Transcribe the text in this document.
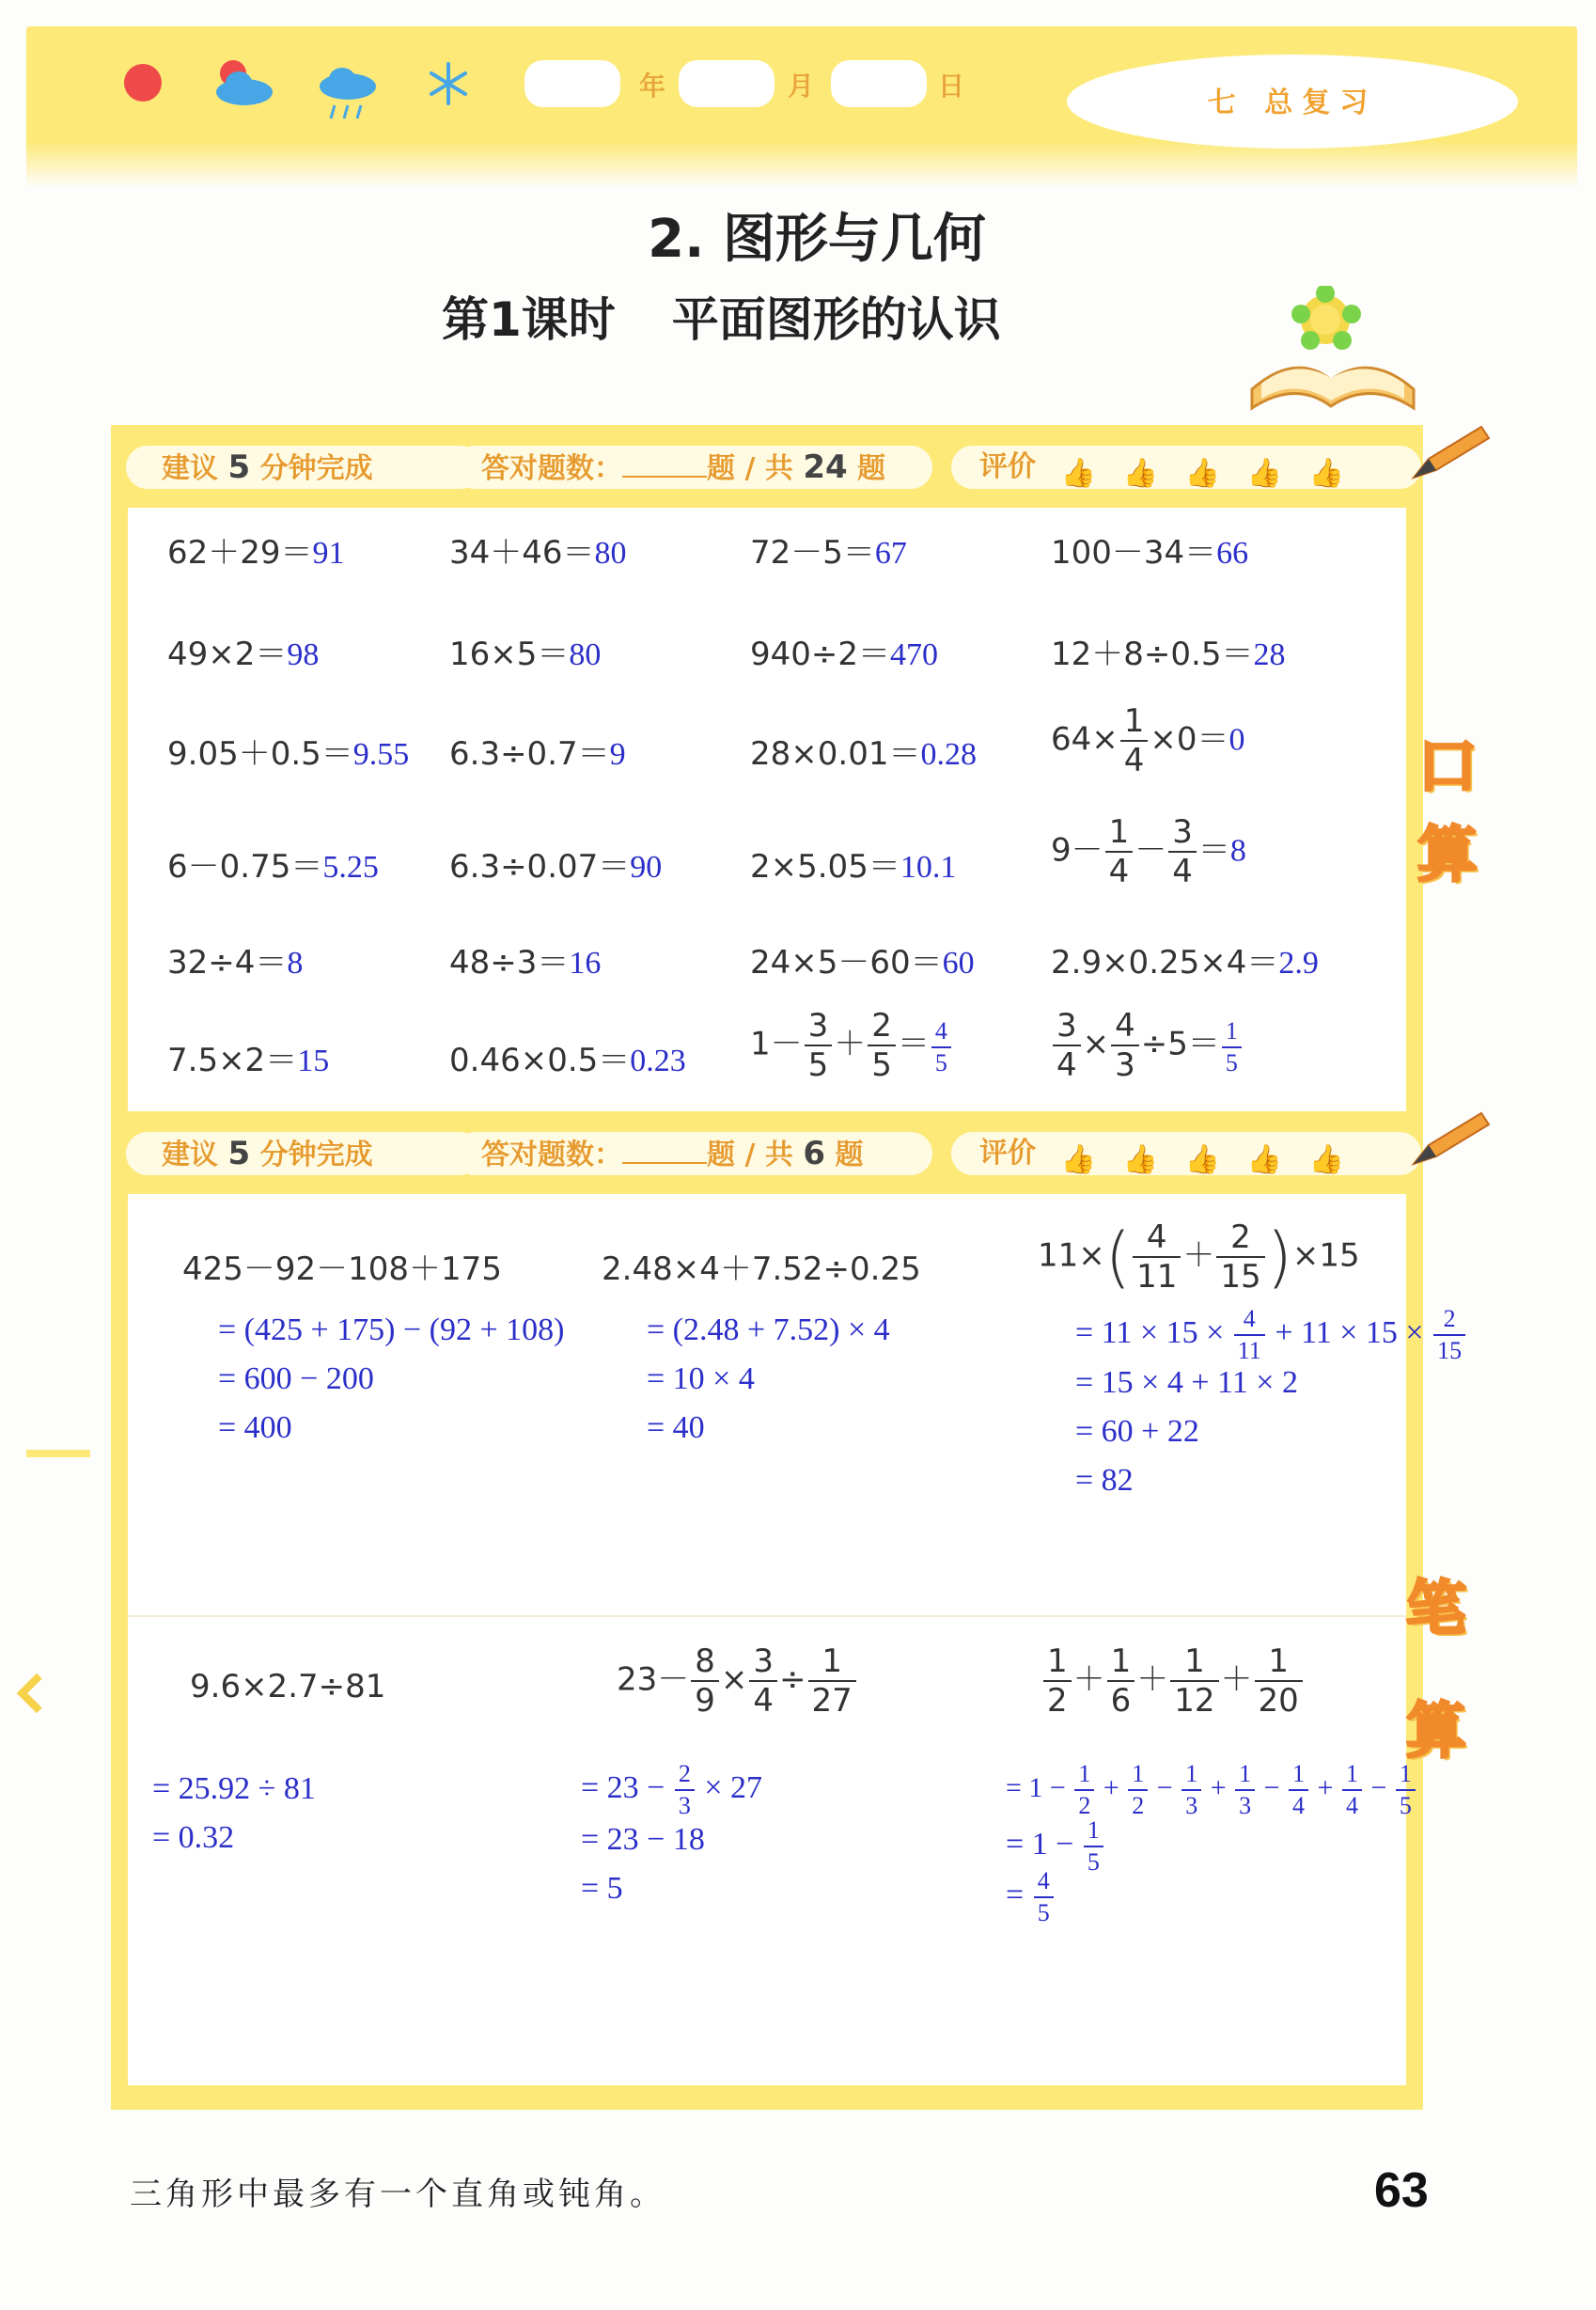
年	月	日
七 总复习
2. 图形与几何
第1课时 平面图形的认识
建议 5 分钟完成	答对题数：	题 / 共 24 题	评价 👍 👍 👍 👍 👍
62＋29＝91	34＋46＝80	72－5＝67	100－34＝66
49×2＝98	16×5＝80	940÷2＝470	12＋8÷0.5＝28
9.05＋0.5＝9.55 6.3÷0.7＝9	28×0.01＝0.28 $64\times \frac{1}{4} \times 0=0$
6－0.75＝5.25 6.3÷0.07＝90	2×5.05＝10.1	$9- \frac{1}{4} - \frac{3}{4} =8$
32÷4＝8	48÷3＝16	24×5－60＝60 2.9×0.25×4＝2.9
7.5×2＝15	0.46×0.5＝0.23 $1- \frac{3}{5} + \frac{2}{5} = \frac{4}{5}$	$\frac{3}{4} \times \frac{4}{3} \div 5= \frac{1}{5}$
口
算
建议 5 分钟完成	答对题数：	题 / 共 6 题	评价 👍 👍 👍 👍 👍
425－92－108＋175
= (425 + 175) − (92 + 108)
= 600 − 200
= 400
2.48×4＋7.52÷0.25
= (2.48 + 7.52) × 4
= 10 × 4
= 40
$11\times( \frac{4}{11} + \frac{2}{15} )\times 15$
= $11 \times 15 \times \frac{4}{11} + 11 \times 15 \times \frac{2}{15}$
= 15 × 4 + 11 × 2
= 60 + 22
= 82
9.6×2.7÷81
= 25.92 ÷ 81
= 0.32
$23- \frac{8}{9} \times \frac{3}{4} \div \frac{1}{27}$
= $23 - \frac{2}{3} \times 27$
= 23 − 18
= 5
$\frac{1}{2} + \frac{1}{6} + \frac{1}{12} + \frac{1}{20}$
= $1 - \frac{1}{2} + \frac{1}{2} - \frac{1}{3} + \frac{1}{3} - \frac{1}{4} + \frac{1}{4} - \frac{1}{5}$
= $1 - \frac{1}{5}$
= $\frac{4}{5}$
笔
算
三角形中最多有一个直角或钝角。	63
